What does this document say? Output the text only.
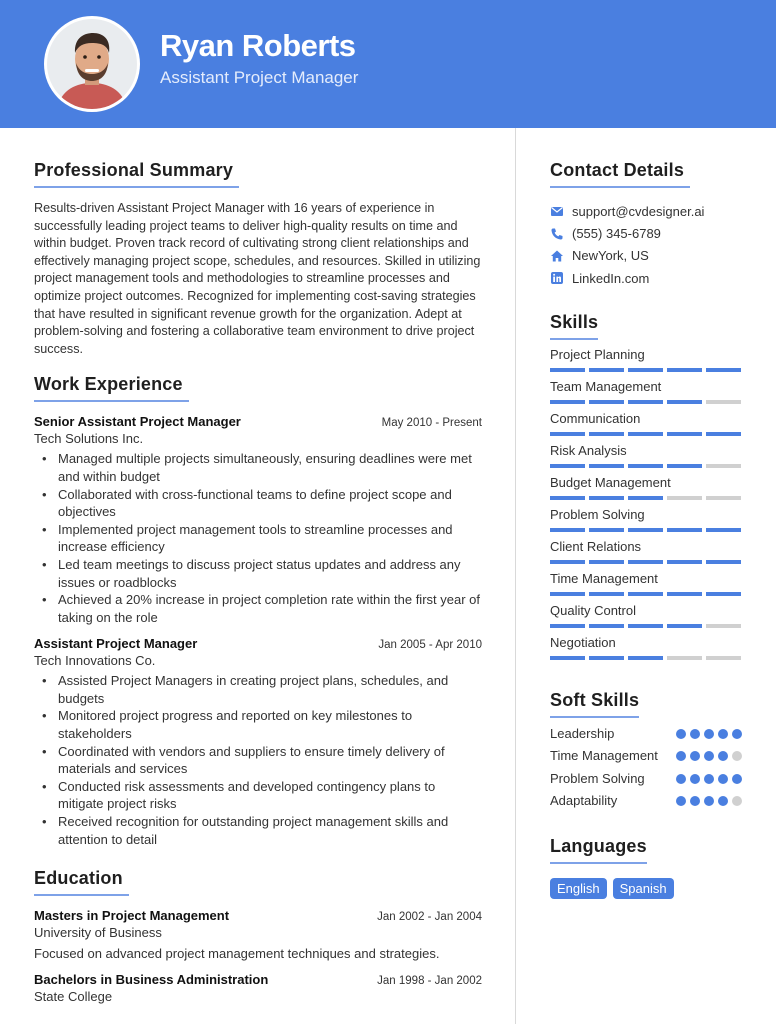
Ryan Roberts
Assistant Project Manager
Professional Summary

Results-driven Assistant Project Manager with 16 years of experience in successfully leading project teams to deliver high-quality results on time and within budget. Proven track record of cultivating strong client relationships and effectively managing project scope, schedules, and resources. Skilled in utilizing project management tools and methodologies to streamline processes and optimize project outcomes. Recognized for implementing cost-saving strategies that have resulted in significant revenue growth for the organization. Adept at problem-solving and fostering a collaborative team environment to drive project success.

Work Experience
Senior Assistant Project Manager	May 2010 - Present
Tech Solutions Inc.
• Managed multiple projects simultaneously, ensuring deadlines were met and within budget
• Collaborated with cross-functional teams to define project scope and objectives
• Implemented project management tools to streamline processes and increase efficiency
• Led team meetings to discuss project status updates and address any issues or roadblocks
• Achieved a 20% increase in project completion rate within the first year of taking on the role
Assistant Project Manager	Jan 2005 - Apr 2010
Tech Innovations Co.
• Assisted Project Managers in creating project plans, schedules, and budgets
• Monitored project progress and reported on key milestones to stakeholders
• Coordinated with vendors and suppliers to ensure timely delivery of materials and services
• Conducted risk assessments and developed contingency plans to mitigate project risks
• Received recognition for outstanding project management skills and attention to detail
Education
Masters in Project Management	Jan 2002 - Jan 2004
University of Business
Focused on advanced project management techniques and strategies.
Bachelors in Business Administration	Jan 1998 - Jan 2002
State College
Contact Details
support@cvdesigner.ai
(555) 345-6789
NewYork, US
LinkedIn.com
Skills
Project Planning
Team Management
Communication
Risk Analysis
Budget Management
Problem Solving
Client Relations
Time Management
Quality Control
Negotiation
Soft Skills
Leadership
Time Management
Problem Solving
Adaptability
Languages
English	Spanish
